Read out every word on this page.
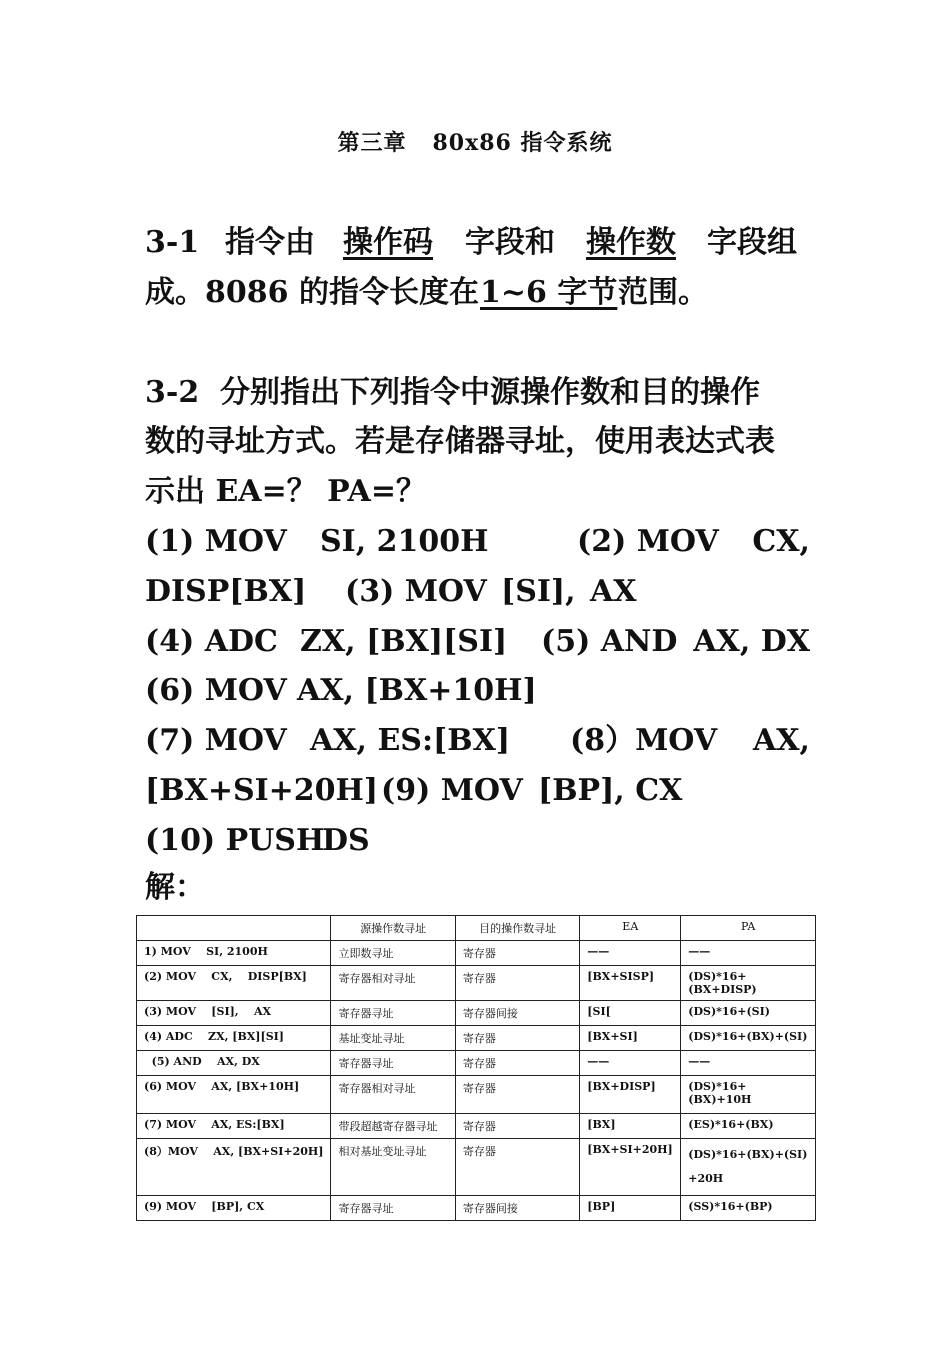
第三章 80x86 指令系统
3-1 指令由 操作码 字段和 操作数 字段组
成。8086 的指令长度在 1~6 字节 范围。
3-2 分别指出下列指令中源操作数和目的操作
数的寻址方式。若是存储器寻址，使用表达式表
示出 EA=？ PA=？
(1) MOV SI, 2100H	(2) MOV CX,
DISP[BX] (3) MOV [SI], AX
(4) ADC ZX, [BX][SI] (5) AND AX, DX
(6) MOV AX, [BX+10H]
(7) MOV AX, ES:[BX] (8）MOV AX,
[BX+SI+20H] (9) MOV [BP], CX
(10) PUSH
DS
解：
	源操作数寻址	目的操作数寻址	EA	PA
1) MOV    SI, 2100H	立即数寻址	寄存器	——	——
(2) MOV    CX,    DISP[BX]	寄存器相对寻址	寄存器	[BX+SISP]	(DS)*16+(BX+DISP)
(3) MOV    [SI],    AX	寄存器寻址	寄存器间接	[SI[	(DS)*16+(SI)
(4) ADC    ZX, [BX][SI]	基址变址寻址	寄存器	[BX+SI]	(DS)*16+(BX)+(SI)
(5) AND    AX, DX	寄存器寻址	寄存器	——	——
(6) MOV    AX, [BX+10H]	寄存器相对寻址	寄存器	[BX+DISP]	(DS)*16+(BX)+10H
(7) MOV    AX, ES:[BX]	带段超越寄存器寻址	寄存器	[BX]	(ES)*16+(BX)
(8）MOV    AX, [BX+SI+20H]	相对基址变址寻址	寄存器	[BX+SI+20H]	(DS)*16+(BX)+(SI)+20H
(9) MOV    [BP], CX	寄存器寻址	寄存器间接	[BP]	(SS)*16+(BP)
